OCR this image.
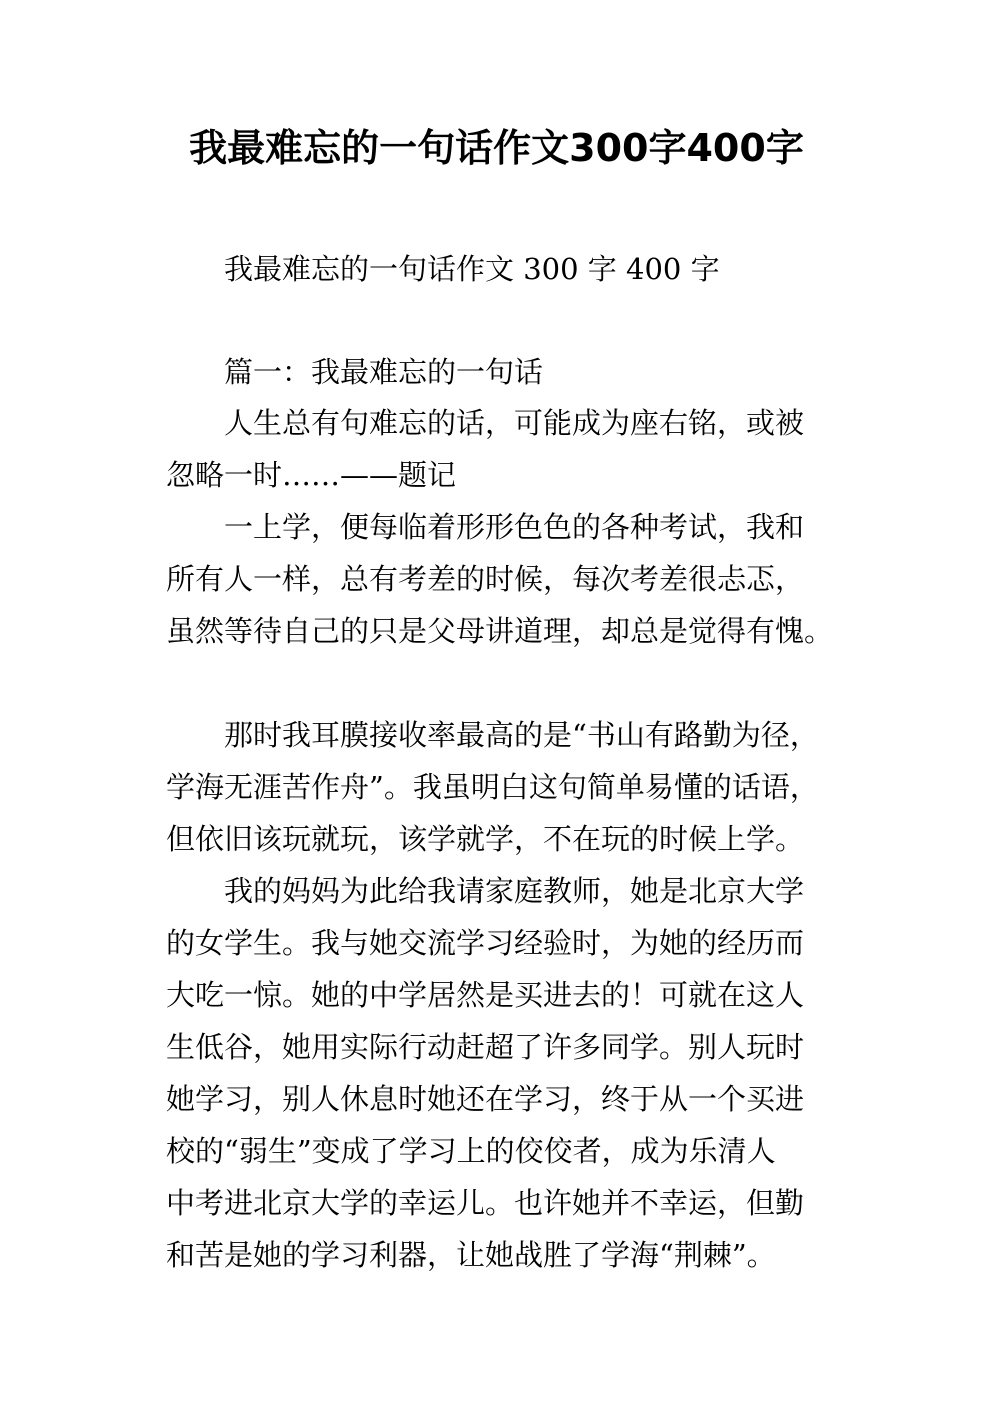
我最难忘的一句话作文300字400字

我最难忘的一句话作文 300 字 400 字

篇一：我最难忘的一句话

人生总有句难忘的话，可能成为座右铭，或被

忽略一时……——题记

一上学，便每临着形形色色的各种考试，我和

所有人一样，总有考差的时候，每次考差很忐忑，

虽然等待自己的只是父母讲道理，却总是觉得有愧。

那时我耳膜接收率最高的是“书山有路勤为径，

学海无涯苦作舟”。我虽明白这句简单易懂的话语，

但依旧该玩就玩，该学就学，不在玩的时候上学。

我的妈妈为此给我请家庭教师，她是北京大学

的女学生。我与她交流学习经验时，为她的经历而

大吃一惊。她的中学居然是买进去的！可就在这人

生低谷，她用实际行动赶超了许多同学。别人玩时

她学习，别人休息时她还在学习，终于从一个买进

校的“弱生”变成了学习上的佼佼者，成为乐清人

中考进北京大学的幸运儿。也许她并不幸运，但勤

和苦是她的学习利器，让她战胜了学海“荆棘”。
